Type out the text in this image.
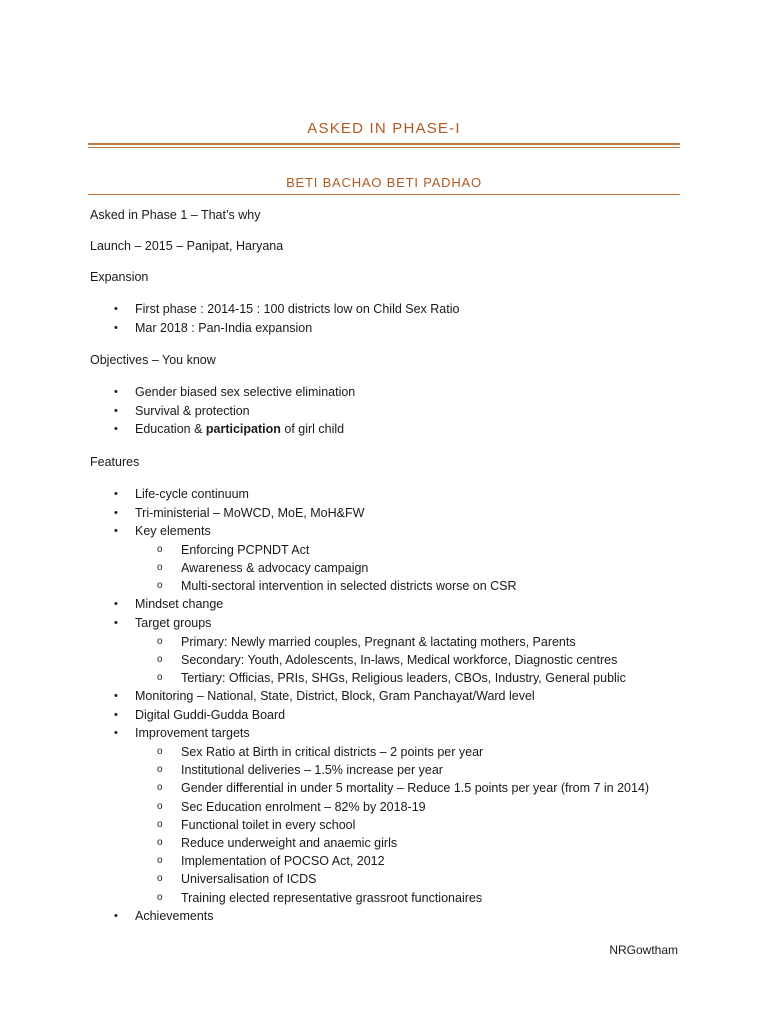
ASKED IN PHASE-I
BETI BACHAO BETI PADHAO

Asked in Phase 1 – That’s why

Launch – 2015 – Panipat, Haryana

Expansion

• First phase : 2014-15 : 100 districts low on Child Sex Ratio
• Mar 2018 : Pan-India expansion

Objectives – You know

• Gender biased sex selective elimination
• Survival & protection
• Education & participation of girl child

Features

• Life-cycle continuum
• Tri-ministerial – MoWCD, MoE, MoH&FW
• Key elements
o Enforcing PCPNDT Act
o Awareness & advocacy campaign
o Multi-sectoral intervention in selected districts worse on CSR
• Mindset change
• Target groups
o Primary: Newly married couples, Pregnant & lactating mothers, Parents
o Secondary: Youth, Adolescents, In-laws, Medical workforce, Diagnostic centres
o Tertiary: Officias, PRIs, SHGs, Religious leaders, CBOs, Industry, General public
• Monitoring – National, State, District, Block, Gram Panchayat/Ward level
• Digital Guddi-Gudda Board
• Improvement targets
o Sex Ratio at Birth in critical districts – 2 points per year
o Institutional deliveries – 1.5% increase per year
o Gender differential in under 5 mortality – Reduce 1.5 points per year (from 7 in 2014)
o Sec Education enrolment – 82% by 2018-19
o Functional toilet in every school
o Reduce underweight and anaemic girls
o Implementation of POCSO Act, 2012
o Universalisation of ICDS
o Training elected representative grassroot functionaires
• Achievements
NRGowtham
